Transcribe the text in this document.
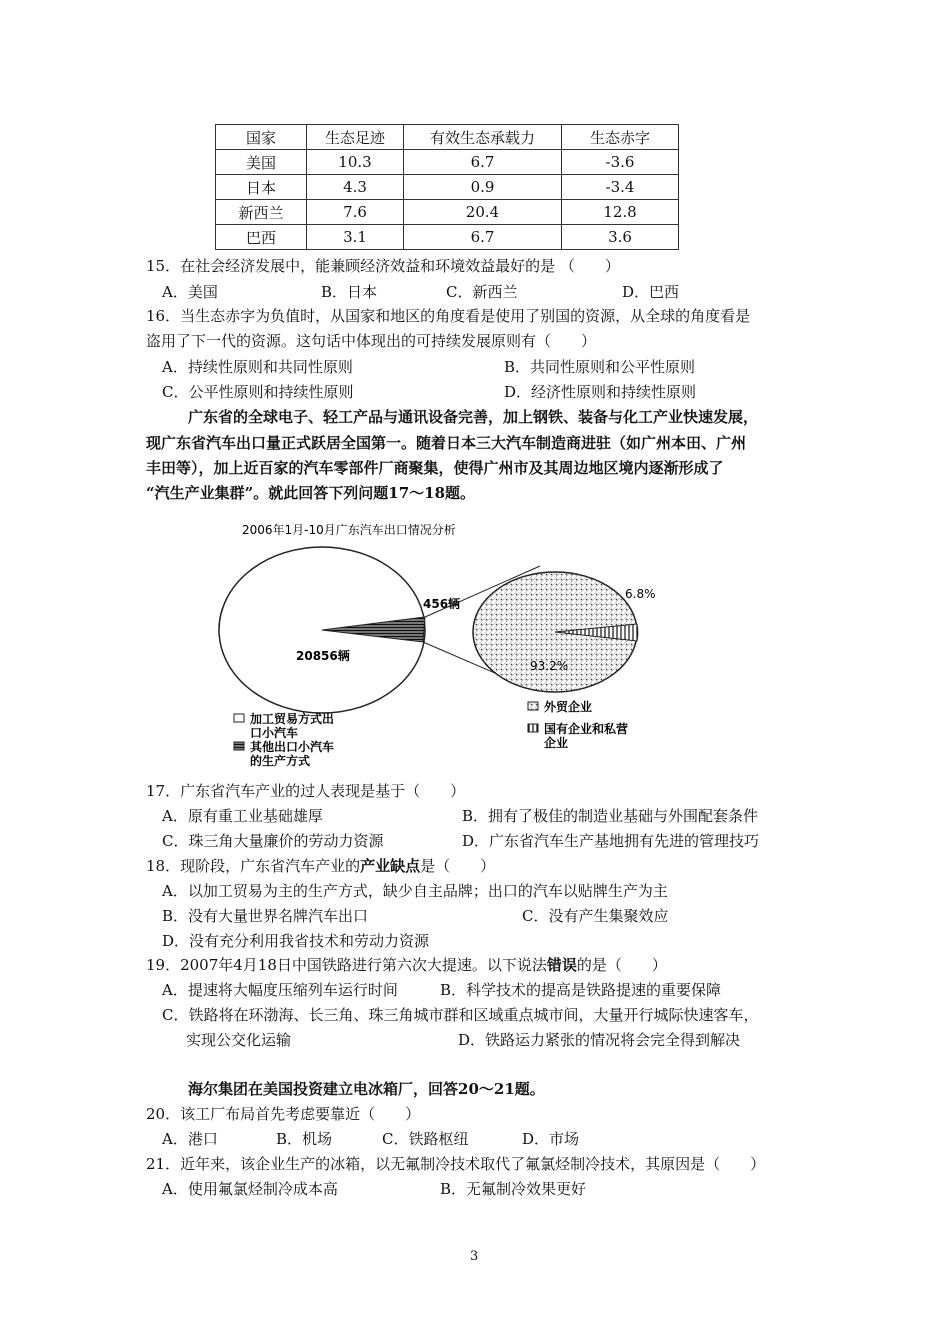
国家	生态足迹	有效生态承载力	生态赤字
美国	10.3	6.7	-3.6
日本	4.3	0.9	-3.4
新西兰	7.6	20.4	12.8
巴西	3.1	6.7	3.6
15．在社会经济发展中，能兼顾经济效益和环境效益最好的是 （　　）
A．美国	B．日本	C．新西兰	D．巴西
16．当生态赤字为负值时，从国家和地区的角度看是使用了别国的资源，从全球的角度看是
盗用了下一代的资源。这句话中体现出的可持续发展原则有（　　）
A．持续性原则和共同性原则	B．共同性原则和公平性原则
C．公平性原则和持续性原则	D．经济性原则和持续性原则
广东省的全球电子、轻工产品与通讯设备完善，加上钢铁、装备与化工产业快速发展，
现广东省汽车出口量正式跃居全国第一。随着日本三大汽车制造商进驻（如广州本田、广州
丰田等），加上近百家的汽车零部件厂商聚集，使得广州市及其周边地区境内逐渐形成了
“汽生产业集群”。就此回答下列问题17～18题。
2006年1月-10月广东汽车出口情况分析
456辆
20856辆
6.8%
93.2%
加工贸易方式出
口小汽车
其他出口小汽车
的生产方式
外贸企业
国有企业和私营
企业
17．广东省汽车产业的过人表现是基于（　　）
A．原有重工业基础雄厚	B．拥有了极佳的制造业基础与外围配套条件
C．珠三角大量廉价的劳动力资源	D．广东省汽车生产基地拥有先进的管理技巧
18．现阶段，广东省汽车产业的产业缺点是（　　）
A．以加工贸易为主的生产方式，缺少自主品牌；出口的汽车以贴牌生产为主
B．没有大量世界名牌汽车出口	C．没有产生集聚效应
D．没有充分利用我省技术和劳动力资源
19．2007年4月18日中国铁路进行第六次大提速。以下说法错误的是（　　）
A．提速将大幅度压缩列车运行时间	B．科学技术的提高是铁路提速的重要保障
C．铁路将在环渤海、长三角、珠三角城市群和区域重点城市间，大量开行城际快速客车，
实现公交化运输	D．铁路运力紧张的情况将会完全得到解决
海尔集团在美国投资建立电冰箱厂，回答20～21题。
20．该工厂布局首先考虑要靠近（　　）
A．港口	B．机场	C．铁路枢纽	D．市场
21．近年来，该企业生产的冰箱，以无氟制冷技术取代了氟氯烃制冷技术，其原因是（　　）
A．使用氟氯烃制冷成本高	B．无氟制冷效果更好
3
